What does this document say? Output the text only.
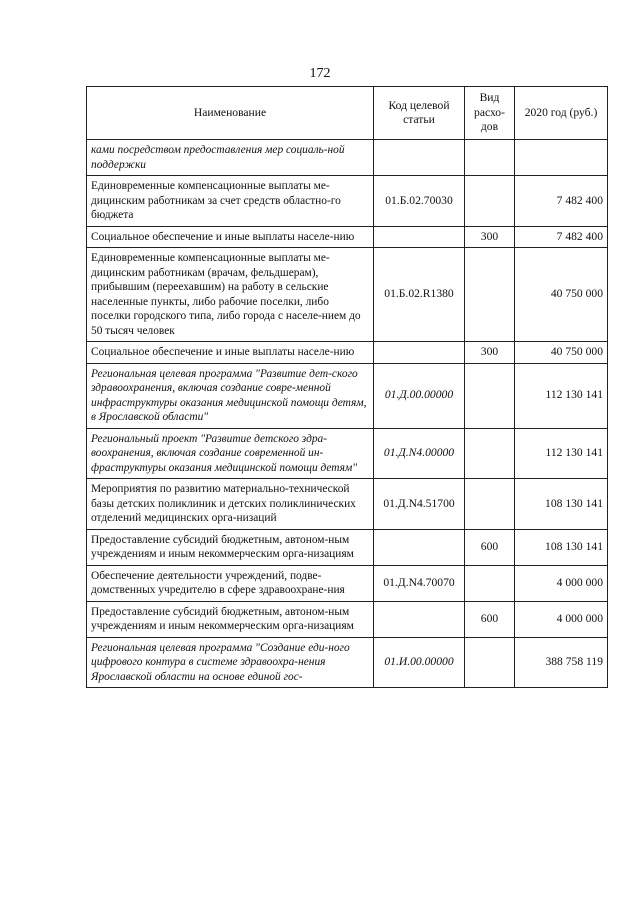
172
Наименование	Код целевой статьи	Вид расхо-дов	2020 год (руб.)
ками посредством предоставления мер социаль-ной поддержки			
Единовременные компенсационные выплаты ме-дицинским работникам за счет средств областно-го бюджета	01.Б.02.70030		7 482 400
Социальное обеспечение и иные выплаты населе-нию		300	7 482 400
Единовременные компенсационные выплаты ме-дицинским работникам (врачам, фельдшерам), прибывшим (переехавшим) на работу в сельские населенные пункты, либо рабочие поселки, либо поселки городского типа, либо города с населе-нием до 50 тысяч человек	01.Б.02.R1380		40 750 000
Социальное обеспечение и иные выплаты населе-нию		300	40 750 000
Региональная целевая программа "Развитие дет-ского здравоохранения, включая создание совре-менной инфраструктуры оказания медицинской помощи детям, в Ярославской области"	01.Д.00.00000		112 130 141
Региональный проект "Развитие детского здра-воохранения, включая создание современной ин-фраструктуры оказания медицинской помощи детям"	01.Д.N4.00000		112 130 141
Мероприятия по развитию материально-технической базы детских поликлиник и детских поликлинических отделений медицинских орга-низаций	01.Д.N4.51700		108 130 141
Предоставление субсидий бюджетным, автоном-ным учреждениям и иным некоммерческим орга-низациям		600	108 130 141
Обеспечение деятельности учреждений, подве-домственных учредителю в сфере здравоохране-ния	01.Д.N4.70070		4 000 000
Предоставление субсидий бюджетным, автоном-ным учреждениям и иным некоммерческим орга-низациям		600	4 000 000
Региональная целевая программа "Создание еди-ного цифрового контура в системе здравоохра-нения Ярославской области на основе единой гос-	01.И.00.00000		388 758 119
